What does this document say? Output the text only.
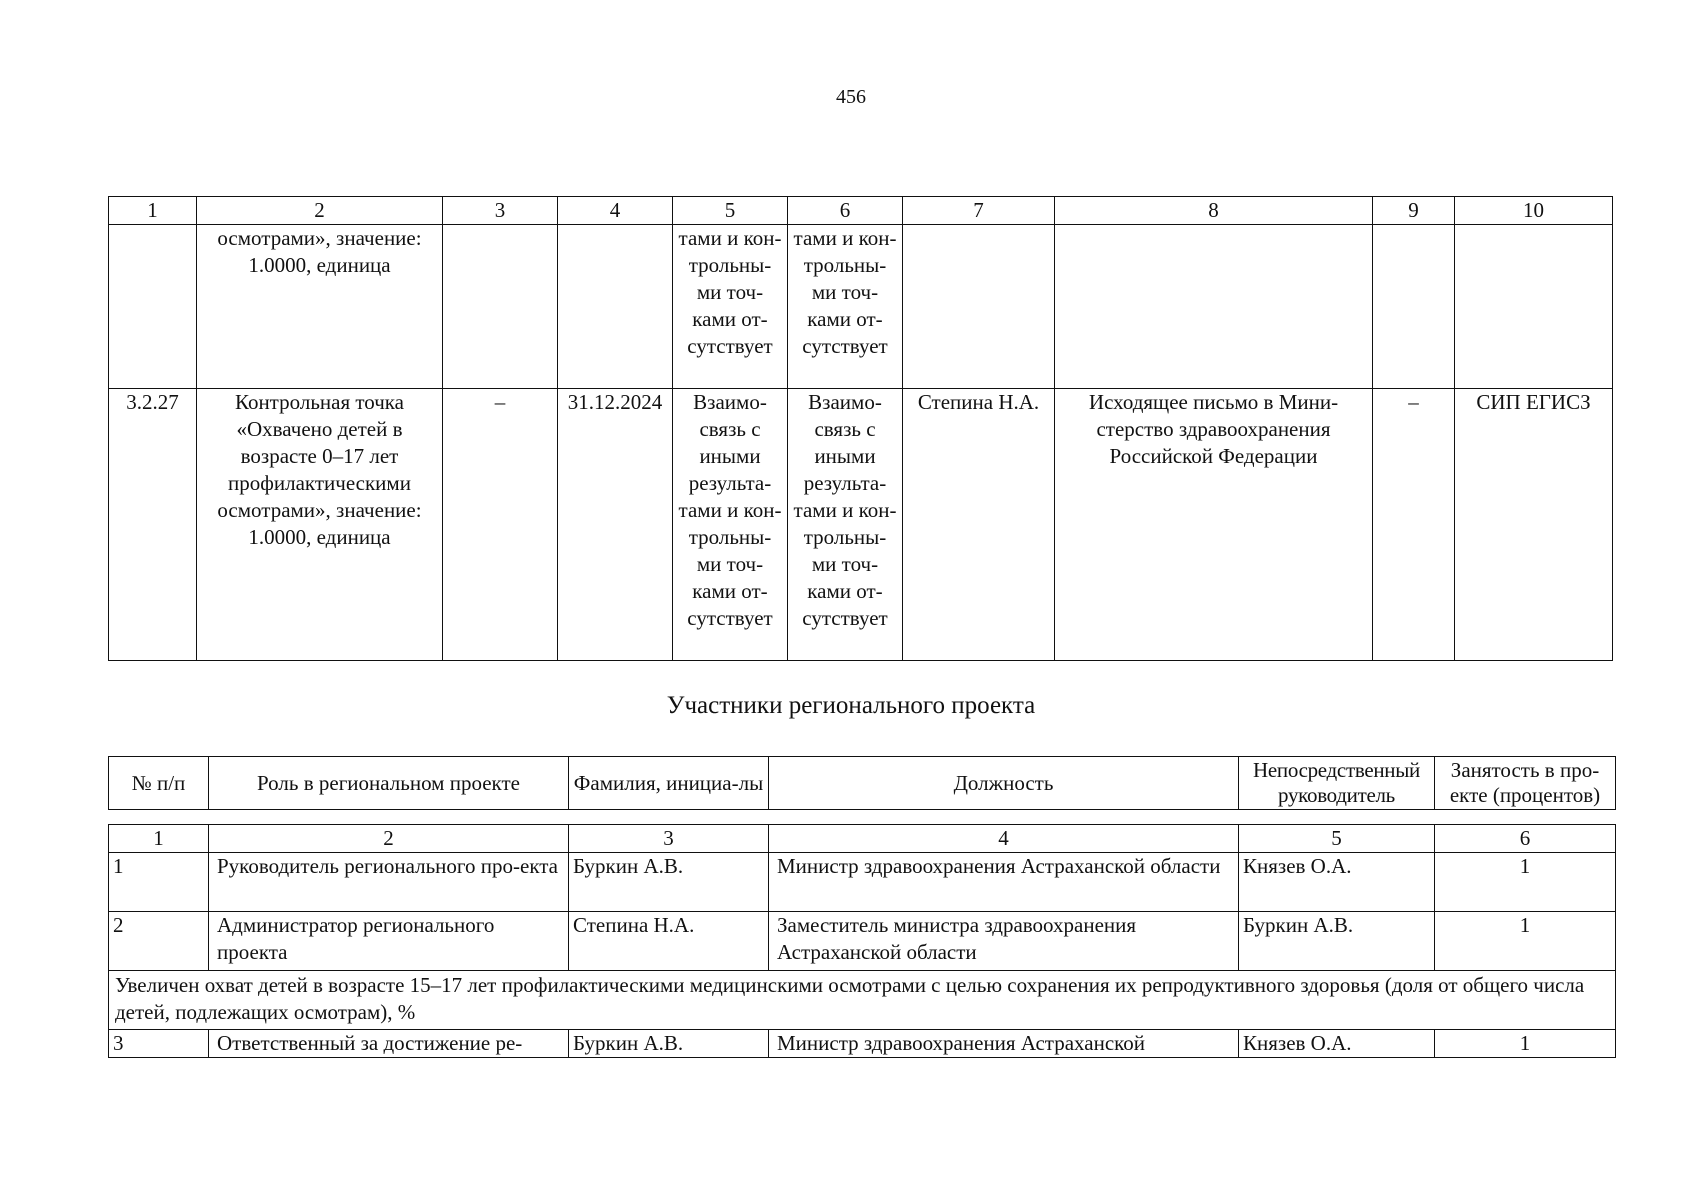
456
1	2	3	4	5	6	7	8	9	10
	осмотрами», значение: 1.0000, единица			тами и кон-трольны-ми точ-ками от-сутствует	тами и кон-трольны-ми точ-ками от-сутствует				
3.2.27	Контрольная точка «Охвачено детей в возрасте 0–17 лет профилактическими осмотрами», значение: 1.0000, единица	–	31.12.2024	Взаимо-связь с иными результа-тами и кон-трольны-ми точ-ками от-сутствует	Взаимо-связь с иными результа-тами и кон-трольны-ми точ-ками от-сутствует	Степина Н.А.	Исходящее письмо в Мини-стерство здравоохранения Российской Федерации	–	СИП ЕГИСЗ
Участники регионального проекта
№ п/п	Роль в региональном проекте	Фамилия, инициа-лы	Должность	Непосредственный руководитель	Занятость в про-екте (процентов)
1	2	3	4	5	6
1	Руководитель регионального про-екта	Буркин А.В.	Министр здравоохранения Астраханской области	Князев О.А.	1
2	Администратор регионального проекта	Степина Н.А.	Заместитель министра здравоохранения Астраханской области	Буркин А.В.	1
Увеличен охват детей в возрасте 15–17 лет профилактическими медицинскими осмотрами с целью сохранения их репродуктивного здоровья (доля от общего числа детей, подлежащих осмотрам), %					
3	Ответственный за достижение ре-	Буркин А.В.	Министр здравоохранения Астраханской	Князев О.А.	1
